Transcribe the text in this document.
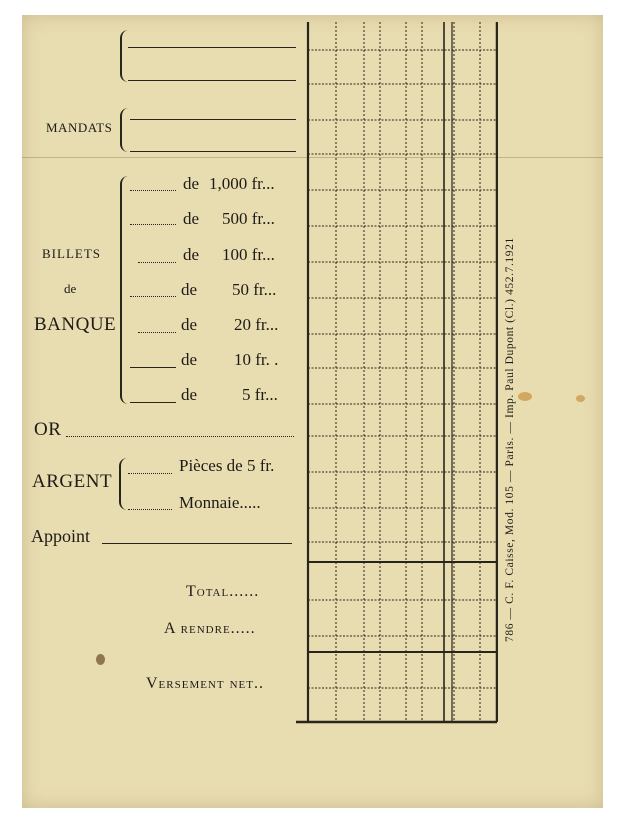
MANDATS
BILLETS
de
BANQUE
de 1,000 fr...
de 500 fr...
de 100 fr...
de 50 fr...
de 20 fr...
de 10 fr. .
de	5 fr...
OR
ARGENT
Pièces de 5 fr.
Monnaie.....
Appoint
Total......
A rendre.....
Versement net..
786 — C. F. Caisse, Mod. 105 — Paris. — Imp. Paul Dupont (Cl.) 452.7.1921
